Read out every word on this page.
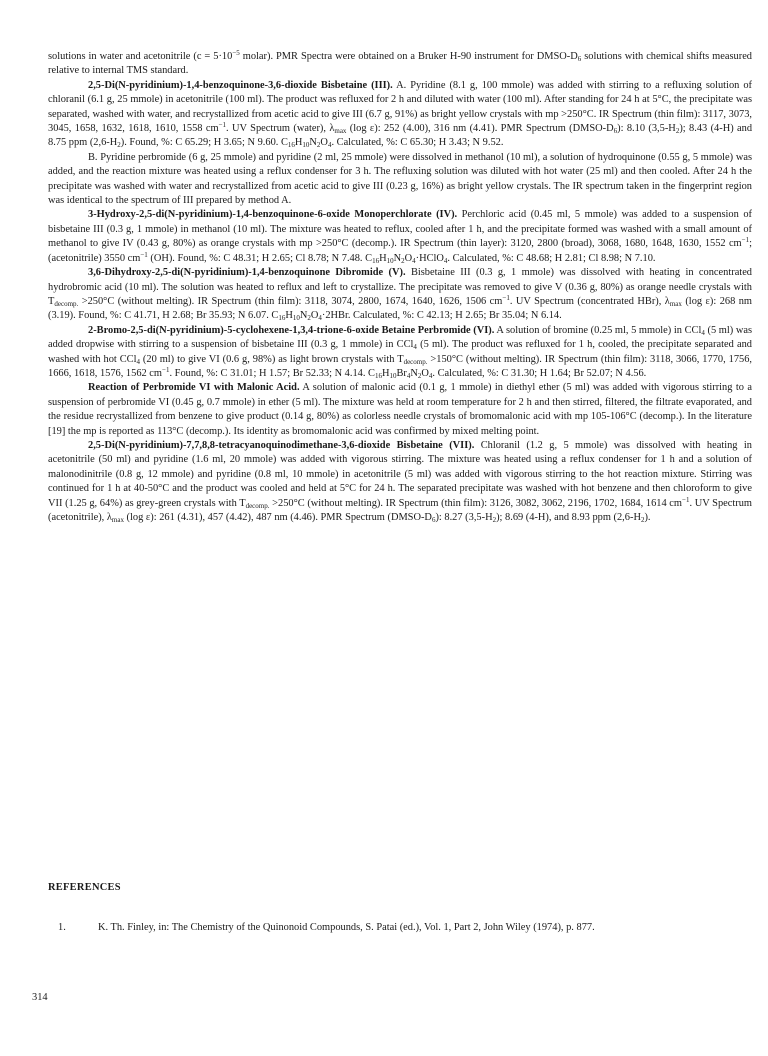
solutions in water and acetonitrile ($c = 5\cdot 10^{-5}$ molar). PMR Spectra were obtained on a Bruker H-90 instrument for DMSO-$D_6$ solutions with chemical shifts measured relative to internal TMS standard.

2,5-Di(N-pyridinium)-1,4-benzoquinone-3,6-dioxide Bisbetaine (III). A. Pyridine (8.1 g, 100 mmole) was added with stirring to a refluxing solution of chloranil (6.1 g, 25 mmole) in acetonitrile (100 ml). The product was refluxed for 2 h and diluted with water (100 ml). After standing for 24 h at 5°C, the precipitate was separated, washed with water, and recrystallized from acetic acid to give III (6.7 g, 91%) as bright yellow crystals with mp >250°C. IR Spectrum (thin film): 3117, 3073, 3045, 1658, 1632, 1618, 1610, 1558 $cm^{-1}$. UV Spectrum (water), $\lambda_{max}$ (log ε): 252 (4.00), 316 nm (4.41). PMR Spectrum $(DMSO-D_6)$: 8.10 $(3,5-H_2)$; 8.43 (4-H) and 8.75 ppm $(2,6-H_2)$. Found, %: C 65.29; H 3.65; N 9.60. $C_{16}H_{10}N_2O_4$. Calculated, %: C 65.30; H 3.43; N 9.52.

B. Pyridine perbromide (6 g, 25 mmole) and pyridine (2 ml, 25 mmole) were dissolved in methanol (10 ml), a solution of hydroquinone (0.55 g, 5 mmole) was added, and the reaction mixture was heated using a reflux condenser for 3 h. The refluxing solution was diluted with hot water (25 ml) and then cooled. After 24 h the precipitate was washed with water and recrystallized from acetic acid to give III (0.23 g, 16%) as bright yellow crystals. The IR spectrum taken in the fingerprint region was identical to the spectrum of III prepared by method A.

3-Hydroxy-2,5-di(N-pyridinium)-1,4-benzoquinone-6-oxide Monoperchlorate (IV). Perchloric acid (0.45 ml, 5 mmole) was added to a suspension of bisbetaine III (0.3 g, 1 mmole) in methanol (10 ml). The mixture was heated to reflux, cooled after 1 h, and the precipitate formed was washed with a small amount of methanol to give IV (0.43 g, 80%) as orange crystals with mp >250°C (decomp.). IR Spectrum (thin layer): 3120, 2800 (broad), 3068, 1680, 1648, 1630, 1552 $cm^{-1}$; (acetonitrile) 3550 $cm^{-1}$ (OH). Found, %: C 48.31; H 2.65; Cl 8.78; N 7.48. $C_{16}H_{10}N_2O_4\cdot HClO_4$. Calculated, %: C 48.68; H 2.81; Cl 8.98; N 7.10.

3,6-Dihydroxy-2,5-di(N-pyridinium)-1,4-benzoquinone Dibromide (V). Bisbetaine III (0.3 g, 1 mmole) was dissolved with heating in concentrated hydrobromic acid (10 ml). The solution was heated to reflux and left to crystallize. The precipitate was removed to give V (0.36 g, 80%) as orange needle crystals with $T_{decomp.} >250^\circ C$ (without melting). IR Spectrum (thin film): 3118, 3074, 2800, 1674, 1640, 1626, 1506 $cm^{-1}$. UV Spectrum (concentrated HBr), $\lambda_{max}$ (log ε): 268 nm (3.19). Found, %: C 41.71, H 2.68; Br 35.93; N 6.07. $C_{16}H_{10}N_2O_4\cdot 2HBr$. Calculated, %: C 42.13; H 2.65; Br 35.04; N 6.14.

2-Bromo-2,5-di(N-pyridinium)-5-cyclohexene-1,3,4-trione-6-oxide Betaine Perbromide (VI). A solution of bromine (0.25 ml, 5 mmole) in CCl$_4$ (5 ml) was added dropwise with stirring to a suspension of bisbetaine III (0.3 g, 1 mmole) in CCl$_4$ (5 ml). The product was refluxed for 1 h, cooled, the precipitate separated and washed with hot CCl$_4$ (20 ml) to give VI (0.6 g, 98%) as light brown crystals with $T_{decomp.} >150^\circ C$ (without melting). IR Spectrum (thin film): 3118, 3066, 1770, 1756, 1666, 1618, 1576, 1562 $cm^{-1}$. Found, %: C 31.01; H 1.57; Br 52.33; N 4.14. $C_{16}H_{10}Br_4N_2O_4$. Calculated, %: C 31.30; H 1.64; Br 52.07; N 4.56.

Reaction of Perbromide VI with Malonic Acid. A solution of malonic acid (0.1 g, 1 mmole) in diethyl ether (5 ml) was added with vigorous stirring to a suspension of perbromide VI (0.45 g, 0.7 mmole) in ether (5 ml). The mixture was held at room temperature for 2 h and then stirred, filtered, the filtrate evaporated, and the residue recrystallized from benzene to give product (0.14 g, 80%) as colorless needle crystals of bromomalonic acid with mp 105-106°C (decomp.). In the literature [19] the mp is reported as 113°C (decomp.). Its identity as bromomalonic acid was confirmed by mixed melting point.

2,5-Di(N-pyridinium)-7,7,8,8-tetracyanoquinodimethane-3,6-dioxide Bisbetaine (VII). Chloranil (1.2 g, 5 mmole) was dissolved with heating in acetonitrile (50 ml) and pyridine (1.6 ml, 20 mmole) was added with vigorous stirring. The mixture was heated using a reflux condenser for 1 h and a solution of malonodinitrile (0.8 g, 12 mmole) and pyridine (0.8 ml, 10 mmole) in acetonitrile (5 ml) was added with vigorous stirring to the hot reaction mixture. Stirring was continued for 1 h at 40-50°C and the product was cooled and held at 5°C for 24 h. The separated precipitate was washed with hot benzene and then chloroform to give VII (1.25 g, 64%) as grey-green crystals with $T_{decomp.} >250^\circ C$ (without melting). IR Spectrum (thin film): 3126, 3082, 3062, 2196, 1702, 1684, 1614 $cm^{-1}$. UV Spectrum (acetonitrile), $\lambda_{max}$ (log ε): 261 (4.31), 457 (4.42), 487 nm (4.46). PMR Spectrum $(DMSO-D_6)$: 8.27 $(3,5-H_2)$; 8.69 (4-H), and 8.93 ppm $(2,6-H_2)$.

REFERENCES
1.	K. Th. Finley, in: The Chemistry of the Quinonoid Compounds, S. Patai (ed.), Vol. 1, Part 2, John Wiley (1974), p. 877.
314
